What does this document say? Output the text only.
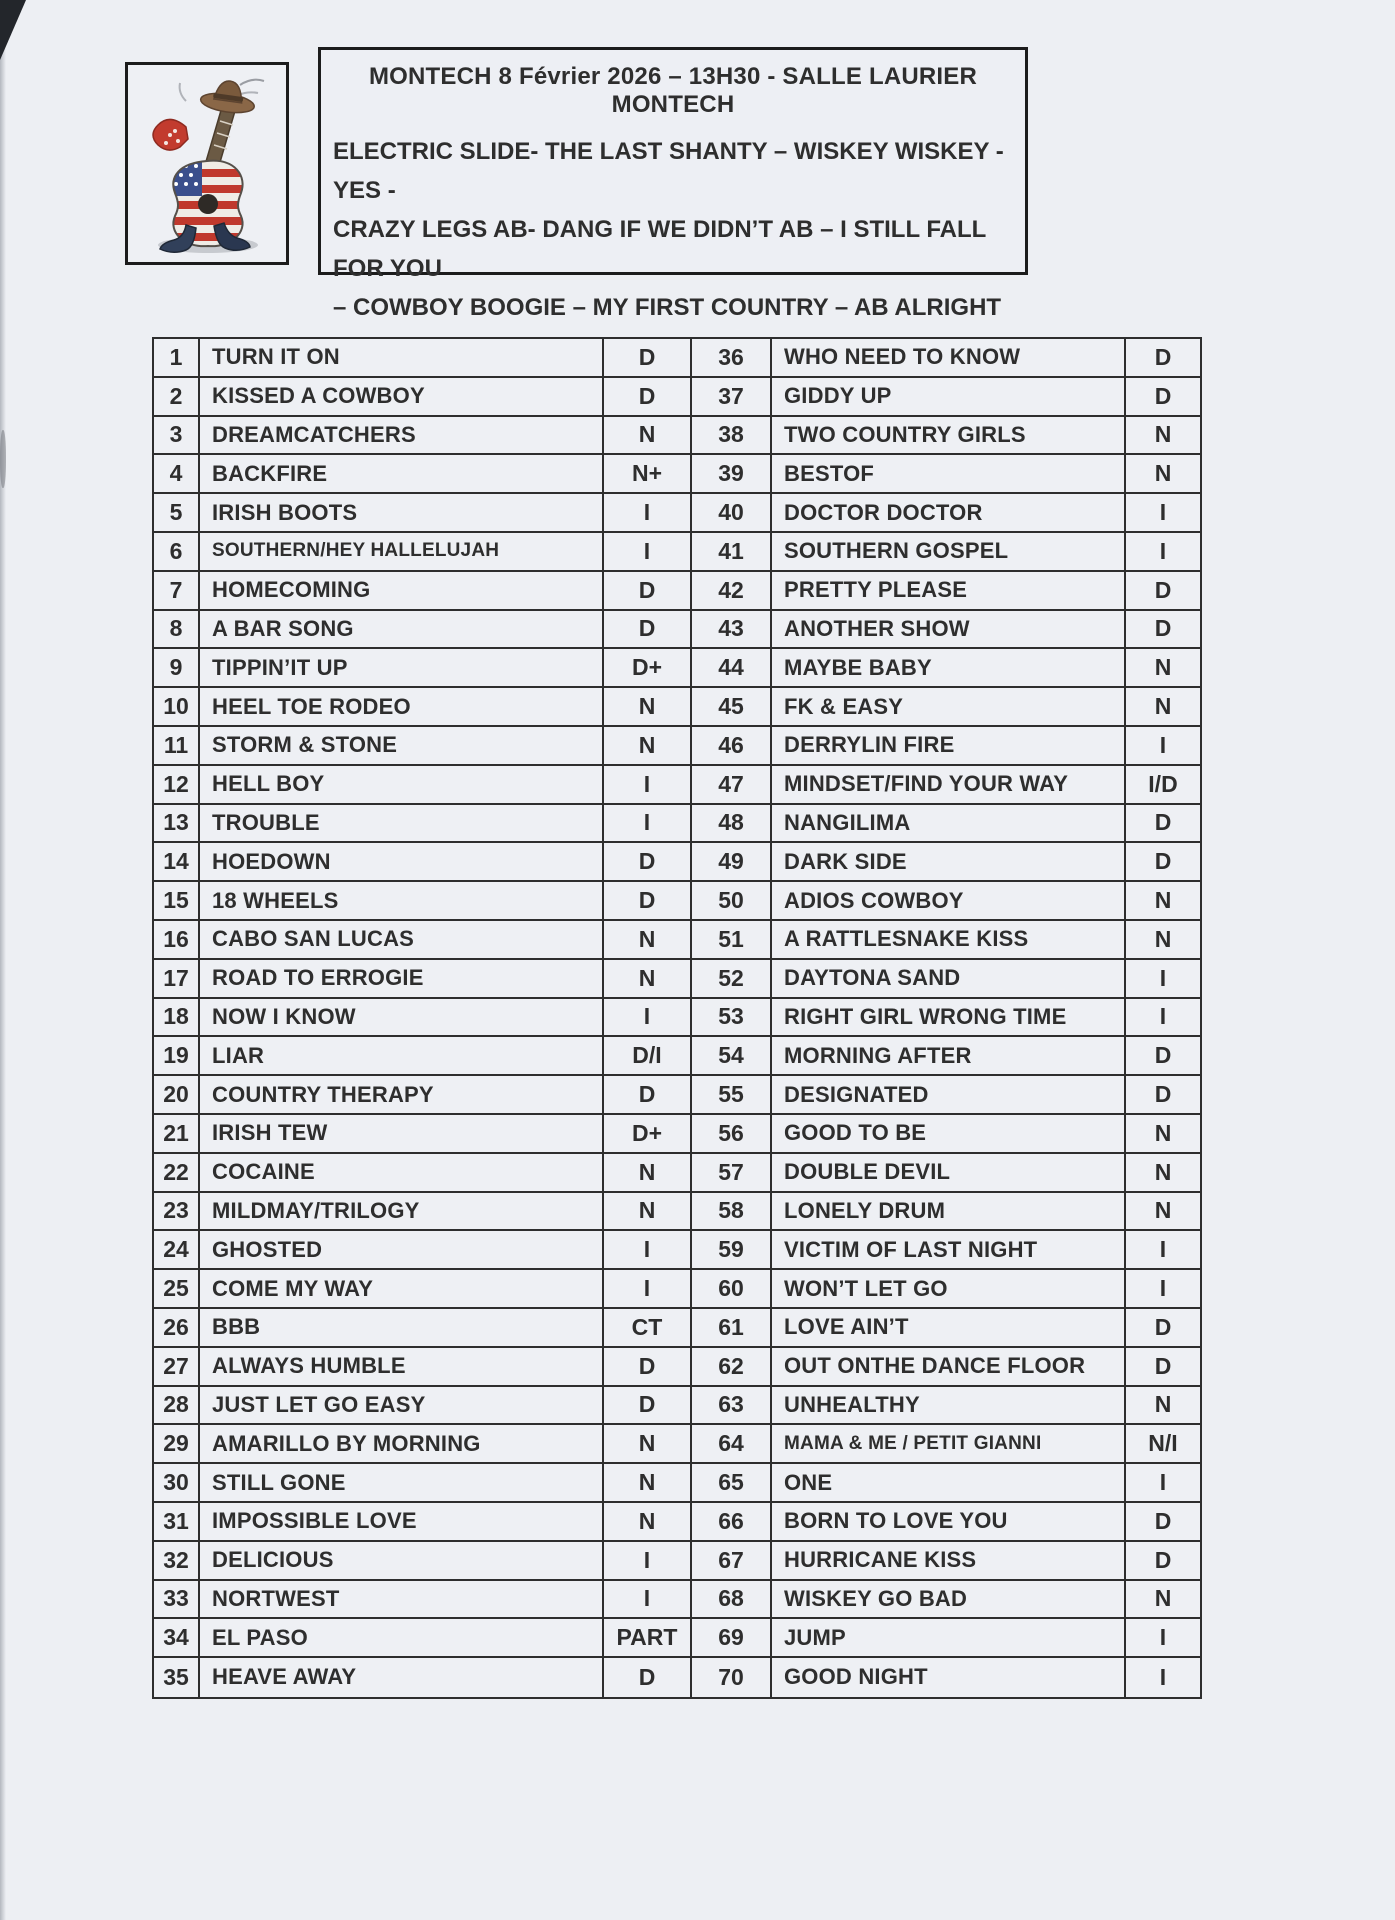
MONTECH 8 Février 2026 – 13H30 - SALLE LAURIER MONTECH
ELECTRIC SLIDE- THE LAST SHANTY – WISKEY WISKEY - YES -
CRAZY LEGS AB- DANG IF WE DIDN’T AB – I STILL FALL FOR YOU
– COWBOY BOOGIE – MY FIRST COUNTRY – AB ALRIGHT
1	TURN IT ON	D
2	KISSED A COWBOY	D
3	DREAMCATCHERS	N
4	BACKFIRE	N+
5	IRISH BOOTS	I
6	SOUTHERN/HEY HALLELUJAH	I
7	HOMECOMING	D
8	A BAR SONG	D
9	TIPPIN’IT UP	D+
10	HEEL TOE RODEO	N
11	STORM & STONE	N
12	HELL BOY	I
13	TROUBLE	I
14	HOEDOWN	D
15	18 WHEELS	D
16	CABO SAN LUCAS	N
17	ROAD TO ERROGIE	N
18	NOW I KNOW	I
19	LIAR	D/I
20	COUNTRY THERAPY	D
21	IRISH TEW	D+
22	COCAINE	N
23	MILDMAY/TRILOGY	N
24	GHOSTED	I
25	COME MY WAY	I
26	BBB	CT
27	ALWAYS HUMBLE	D
28	JUST LET GO EASY	D
29	AMARILLO BY MORNING	N
30	STILL GONE	N
31	IMPOSSIBLE LOVE	N
32	DELICIOUS	I
33	NORTWEST	I
34	EL PASO	PART
35	HEAVE AWAY	D
36	WHO NEED TO KNOW	D
37	GIDDY UP	D
38	TWO COUNTRY GIRLS	N
39	BESTOF	N
40	DOCTOR DOCTOR	I
41	SOUTHERN GOSPEL	I
42	PRETTY PLEASE	D
43	ANOTHER SHOW	D
44	MAYBE BABY	N
45	FK & EASY	N
46	DERRYLIN FIRE	I
47	MINDSET/FIND YOUR WAY	I/D
48	NANGILIMA	D
49	DARK SIDE	D
50	ADIOS COWBOY	N
51	A RATTLESNAKE KISS	N
52	DAYTONA SAND	I
53	RIGHT GIRL WRONG TIME	I
54	MORNING AFTER	D
55	DESIGNATED	D
56	GOOD TO BE	N
57	DOUBLE DEVIL	N
58	LONELY DRUM	N
59	VICTIM OF LAST NIGHT	I
60	WON’T LET GO	I
61	LOVE AIN’T	D
62	OUT ONTHE DANCE FLOOR	D
63	UNHEALTHY	N
64	MAMA & ME / PETIT GIANNI	N/I
65	ONE	I
66	BORN TO LOVE YOU	D
67	HURRICANE KISS	D
68	WISKEY GO BAD	N
69	JUMP	I
70	GOOD NIGHT	I
